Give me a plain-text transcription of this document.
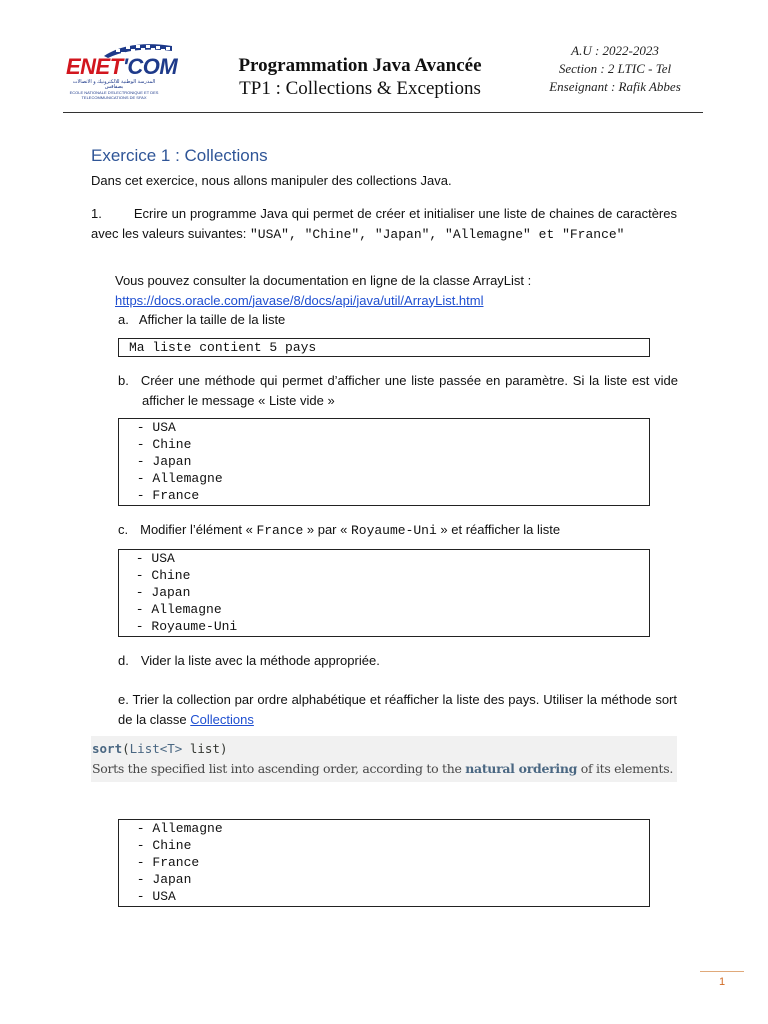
ENET'COM
المدرسة الوطنية للالكترونيك و الاتصالات بصفاقس
ECOLE NATIONALE D'ELECTRONIQUE ET DES TELECOMMUNICATIONS DE SFAX
Programmation Java Avancée
TP1 : Collections & Exceptions
A.U : 2022-2023
Section : 2 LTIC - Tel
Enseignant : Rafik Abbes
Exercice 1 : Collections
Dans cet exercice, nous allons manipuler des collections Java.
1. Ecrire un programme Java qui permet de créer et initialiser une liste de chaines de caractères avec les valeurs suivantes: "USA", "Chine", "Japan", "Allemagne" et "France"
Vous pouvez consulter la documentation en ligne de la classe ArrayList :
https://docs.oracle.com/javase/8/docs/api/java/util/ArrayList.html
a. Afficher la taille de la liste
Ma liste contient 5 pays
b. Créer une méthode qui permet d’afficher une liste passée en paramètre. Si la liste est vide afficher le message « Liste vide »
- USA
- Chine
- Japan
- Allemagne
- France
c. Modifier l’élément « France » par « Royaume-Uni » et réafficher la liste
- USA
- Chine
- Japan
- Allemagne
- Royaume-Uni
d. Vider la liste avec la méthode appropriée.
e. Trier la collection par ordre alphabétique et réafficher la liste des pays. Utiliser la méthode sort de la classe Collections
sort(List<T> list)
Sorts the specified list into ascending order, according to the natural ordering of its elements.
- Allemagne
- Chine
- France
- Japan
- USA
1
